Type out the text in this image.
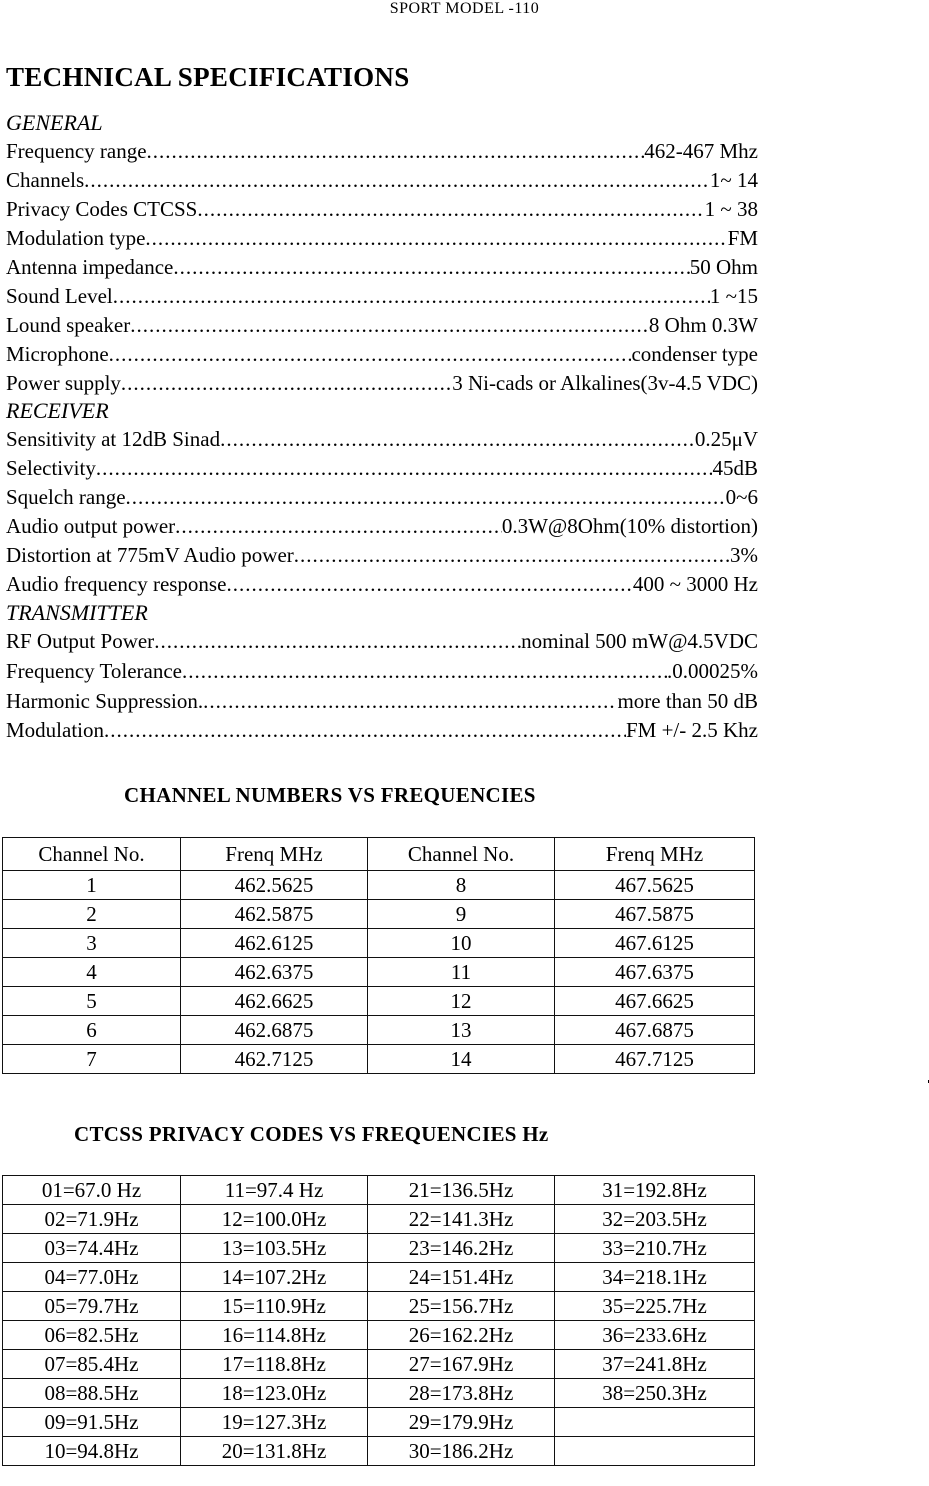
SPORT MODEL -110
TECHNICAL SPECIFICATIONS
GENERAL
Frequency range .....	462-467 Mhz
Channels .....	1~ 14
Privacy Codes CTCSS .....	1 ~ 38
Modulation type .....	FM
Antenna impedance .....	50 Ohm
Sound Level .....	1 ~15
Lound speaker .....	8 Ohm 0.3W
Microphone .....	condenser type
Power supply .....	3 Ni-cads or Alkalines(3v-4.5 VDC)
RECEIVER
Sensitivity at 12dB Sinad .....	0.25μV
Selectivity .....	45dB
Squelch range .....	0~6
Audio output power .....	0.3W@8Ohm(10% distortion)
Distortion at 775mV Audio power .....	3%
Audio frequency response .....	400 ~ 3000 Hz
TRANSMITTER
RF Output Power .....	nominal 500 mW@4.5VDC
Frequency Tolerance .....	.0.00025%
Harmonic Suppression. .....	more than 50 dB
Modulation .....	FM +/- 2.5 Khz
CHANNEL NUMBERS VS FREQUENCIES
Channel No.	Frenq MHz	Channel No.	Frenq MHz
1	462.5625	8	467.5625
2	462.5875	9	467.5875
3	462.6125	10	467.6125
4	462.6375	11	467.6375
5	462.6625	12	467.6625
6	462.6875	13	467.6875
7	462.7125	14	467.7125
CTCSS PRIVACY CODES VS FREQUENCIES Hz
01=67.0 Hz	11=97.4 Hz	21=136.5Hz	31=192.8Hz
02=71.9Hz	12=100.0Hz	22=141.3Hz	32=203.5Hz
03=74.4Hz	13=103.5Hz	23=146.2Hz	33=210.7Hz
04=77.0Hz	14=107.2Hz	24=151.4Hz	34=218.1Hz
05=79.7Hz	15=110.9Hz	25=156.7Hz	35=225.7Hz
06=82.5Hz	16=114.8Hz	26=162.2Hz	36=233.6Hz
07=85.4Hz	17=118.8Hz	27=167.9Hz	37=241.8Hz
08=88.5Hz	18=123.0Hz	28=173.8Hz	38=250.3Hz
09=91.5Hz	19=127.3Hz	29=179.9Hz	
10=94.8Hz	20=131.8Hz	30=186.2Hz	
